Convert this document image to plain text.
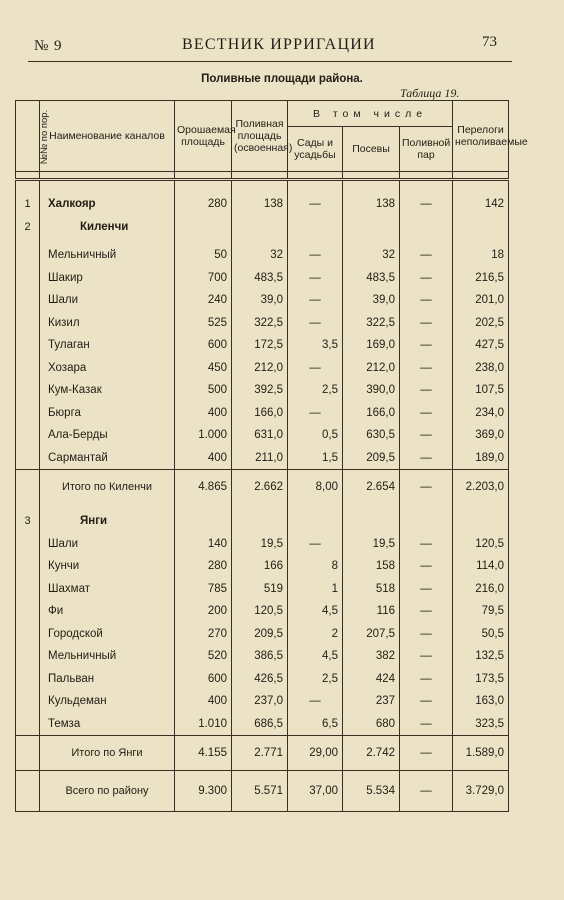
№ 9	ВЕСТНИК ИРРИГАЦИИ	73
Поливные площади района.
Таблица 19.
№№ по пор.	Наименование каналов	Орошаемая площадь	Поливная площадь (освоенная)	В том числе			Перелоги неполиваемые
				Сады и усадьбы	Посевы	Поливной пар	

1	Халкояр	280	138	—	138	—	142
2	Киленчи						

	Мельничный	50	32	—	32	—	18
	Шакир	700	483,5	—	483,5	—	216,5
	Шали	240	39,0	—	39,0	—	201,0
	Кизил	525	322,5	—	322,5	—	202,5
	Тулаган	600	172,5	3,5	169,0	—	427,5
	Хозара	450	212,0	—	212,0	—	238,0
	Кум-Казак	500	392,5	2,5	390,0	—	107,5
	Бюрга	400	166,0	—	166,0	—	234,0
	Ала-Берды	1.000	631,0	0,5	630,5	—	369,0
	Сармантай	400	211,0	1,5	209,5	—	189,0
	Итого по Киленчи	4.865	2.662	8,00	2.654	—	2.203,0

3	Янги						
	Шали	140	19,5	—	19,5	—	120,5
	Кунчи	280	166	8	158	—	114,0
	Шахмат	785	519	1	518	—	216,0
	Фи	200	120,5	4,5	116	—	79,5
	Городской	270	209,5	2	207,5	—	50,5
	Мельничный	520	386,5	4,5	382	—	132,5
	Пальван	600	426,5	2,5	424	—	173,5
	Кульдеман	400	237,0	—	237	—	163,0
	Темза	1.010	686,5	6,5	680	—	323,5
	Итого по Янги	4.155	2.771	29,00	2.742	—	1.589,0
	Всего по району	9.300	5.571	37,00	5.534	—	3.729,0
